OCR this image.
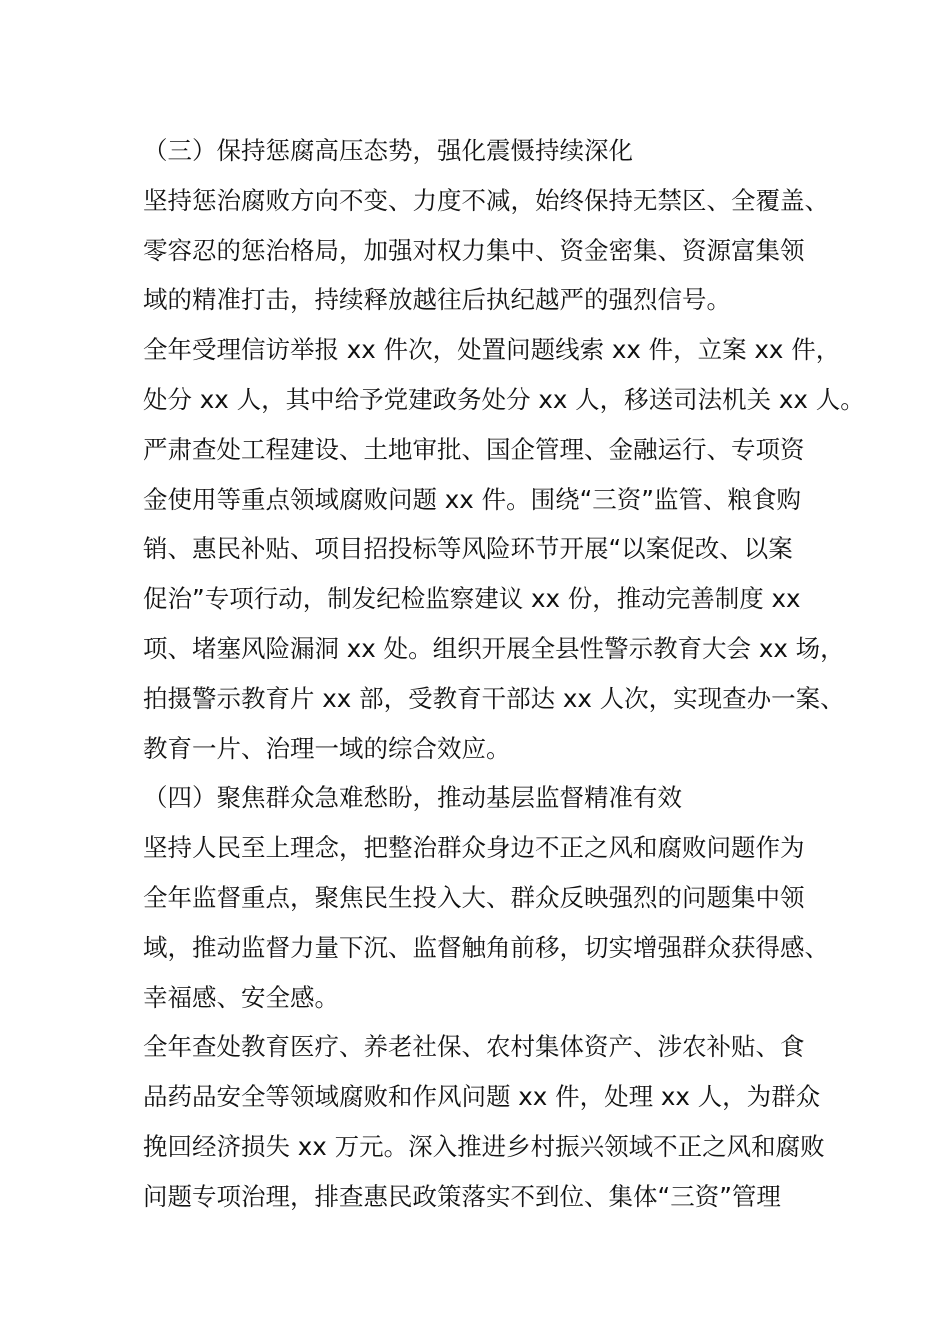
（三）保持惩腐高压态势，强化震慑持续深化
坚持惩治腐败方向不变、力度不减，始终保持无禁区、全覆盖、
零容忍的惩治格局，加强对权力集中、资金密集、资源富集领
域的精准打击，持续释放越往后执纪越严的强烈信号。
全年受理信访举报 xx 件次，处置问题线索 xx 件，立案 xx 件，
处分 xx 人，其中给予党建政务处分 xx 人，移送司法机关 xx 人。
严肃查处工程建设、土地审批、国企管理、金融运行、专项资
金使用等重点领域腐败问题 xx 件。围绕“三资”监管、粮食购
销、惠民补贴、项目招投标等风险环节开展“以案促改、以案
促治”专项行动，制发纪检监察建议 xx 份，推动完善制度 xx
项、堵塞风险漏洞 xx 处。组织开展全县性警示教育大会 xx 场，
拍摄警示教育片 xx 部，受教育干部达 xx 人次，实现查办一案、
教育一片、治理一域的综合效应。
（四）聚焦群众急难愁盼，推动基层监督精准有效
坚持人民至上理念，把整治群众身边不正之风和腐败问题作为
全年监督重点，聚焦民生投入大、群众反映强烈的问题集中领
域，推动监督力量下沉、监督触角前移，切实增强群众获得感、
幸福感、安全感。
全年查处教育医疗、养老社保、农村集体资产、涉农补贴、食
品药品安全等领域腐败和作风问题 xx 件，处理 xx 人，为群众
挽回经济损失 xx 万元。深入推进乡村振兴领域不正之风和腐败
问题专项治理，排查惠民政策落实不到位、集体“三资”管理
